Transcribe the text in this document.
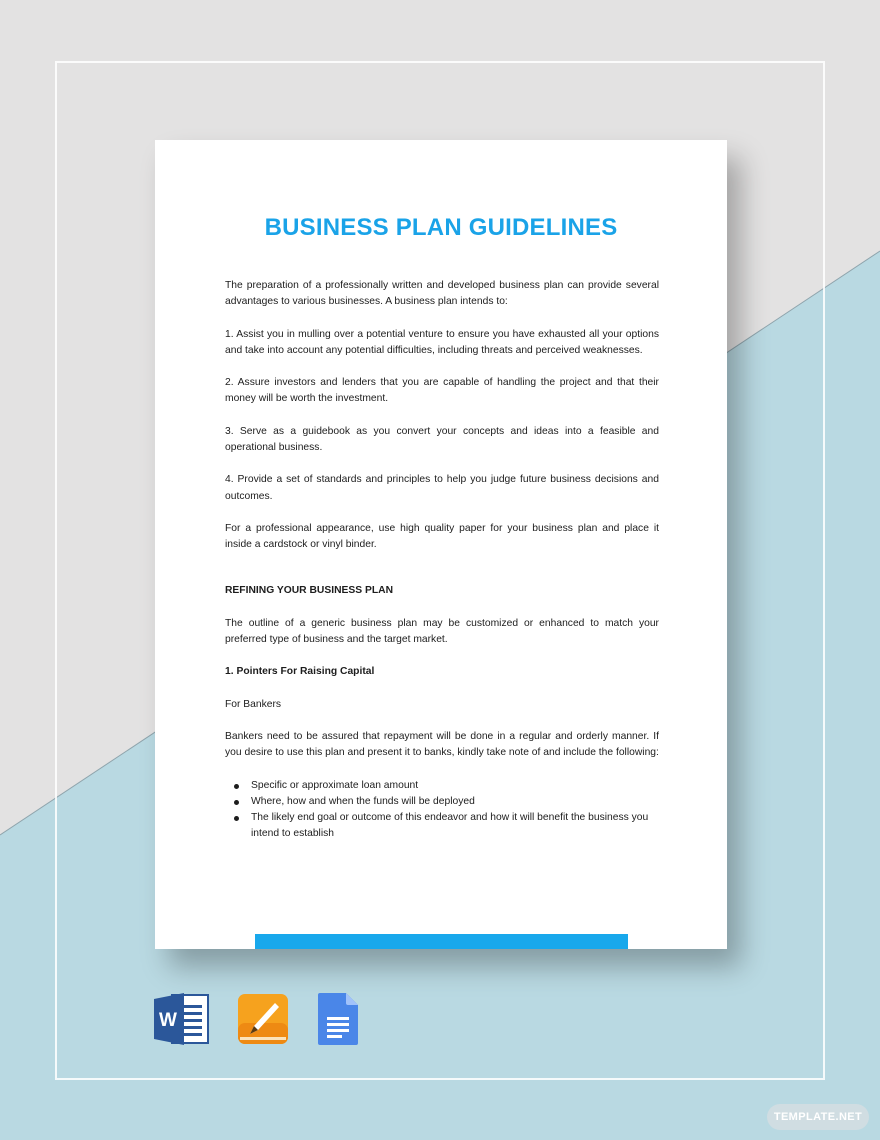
BUSINESS PLAN GUIDELINES

The preparation of a professionally written and developed business plan can provide several advantages to various businesses. A business plan intends to:

1. Assist you in mulling over a potential venture to ensure you have exhausted all your options and take into account any potential difficulties, including threats and perceived weaknesses.

2. Assure investors and lenders that you are capable of handling the project and that their money will be worth the investment.

3. Serve as a guidebook as you convert your concepts and ideas into a feasible and operational business.

4. Provide a set of standards and principles to help you judge future business decisions and outcomes.

For a professional appearance, use high quality paper for your business plan and place it inside a cardstock or vinyl binder.

REFINING YOUR BUSINESS PLAN

The outline of a generic business plan may be customized or enhanced to match your preferred type of business and the target market.

1. Pointers For Raising Capital

For Bankers

Bankers need to be assured that repayment will be done in a regular and orderly manner. If you desire to use this plan and present it to banks, kindly take note of and include the following:

Specific or approximate loan amount
Where, how and when the funds will be deployed
The likely end goal or outcome of this endeavor and how it will benefit the business you intend to establish
W
TEMPLATE.NET
